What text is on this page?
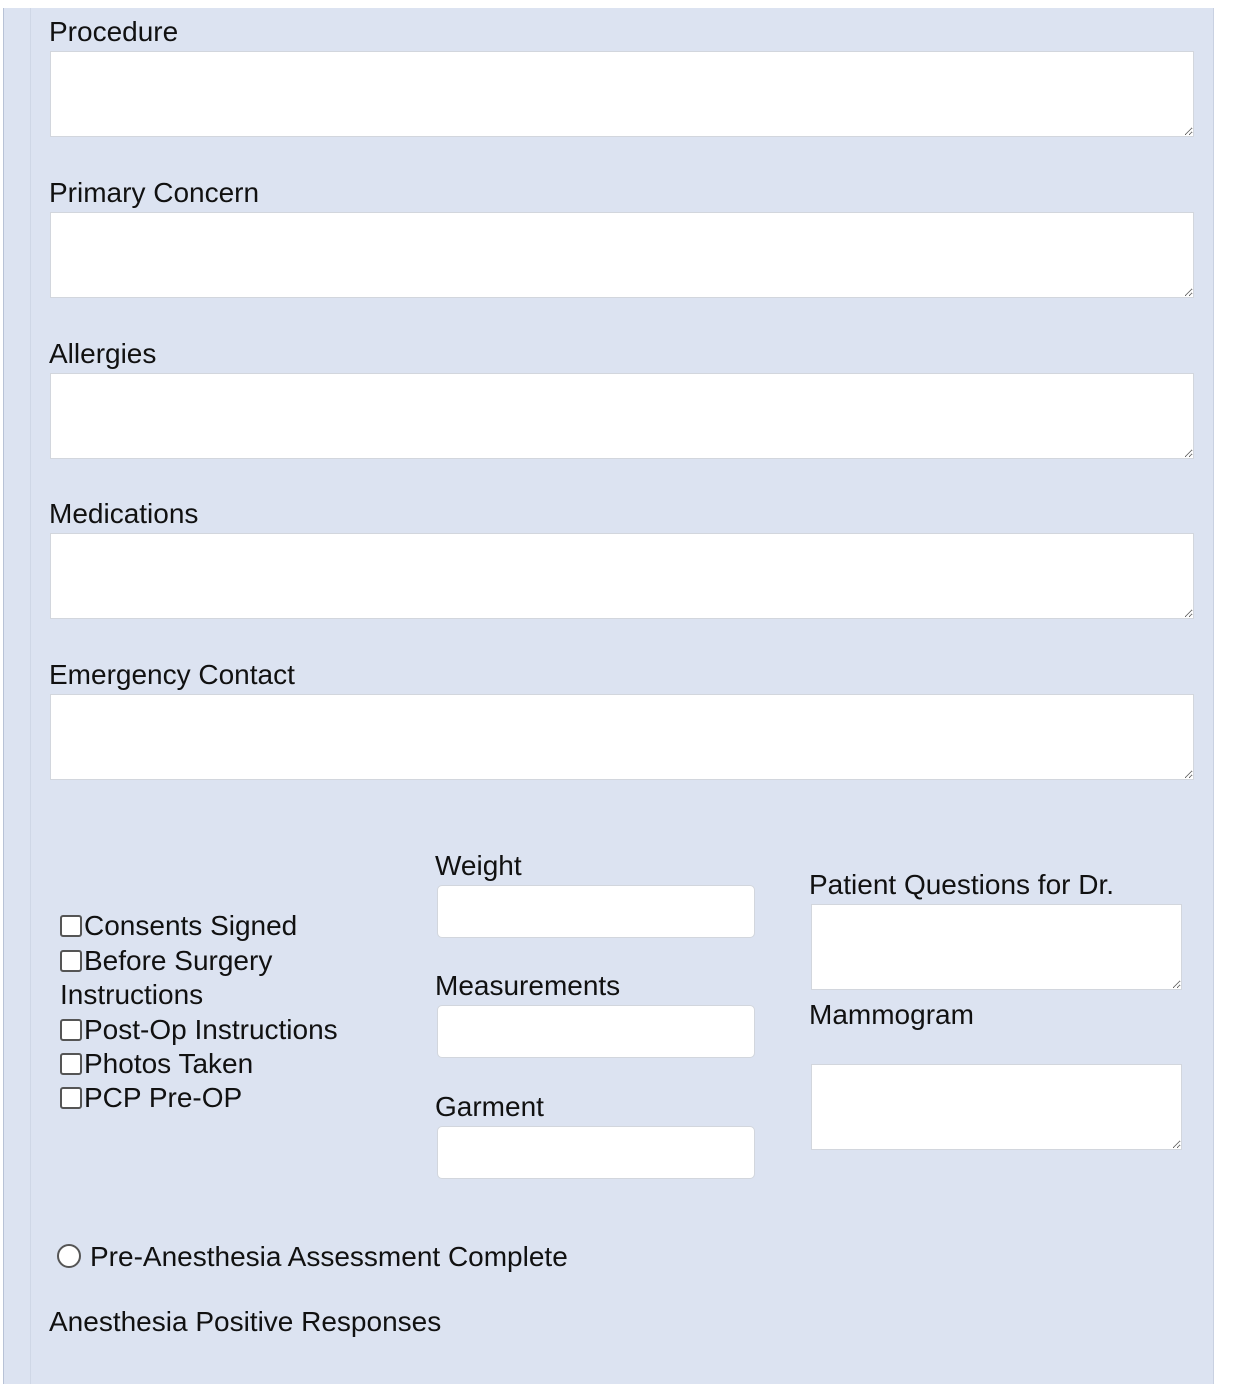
Procedure
Primary Concern
Allergies
Medications
Emergency Contact
Consents Signed
Before Surgery
Instructions
Post-Op Instructions
Photos Taken
PCP Pre-OP
Weight
Measurements
Garment
Patient Questions for Dr.
Mammogram
Pre-Anesthesia Assessment Complete
Anesthesia Positive Responses
